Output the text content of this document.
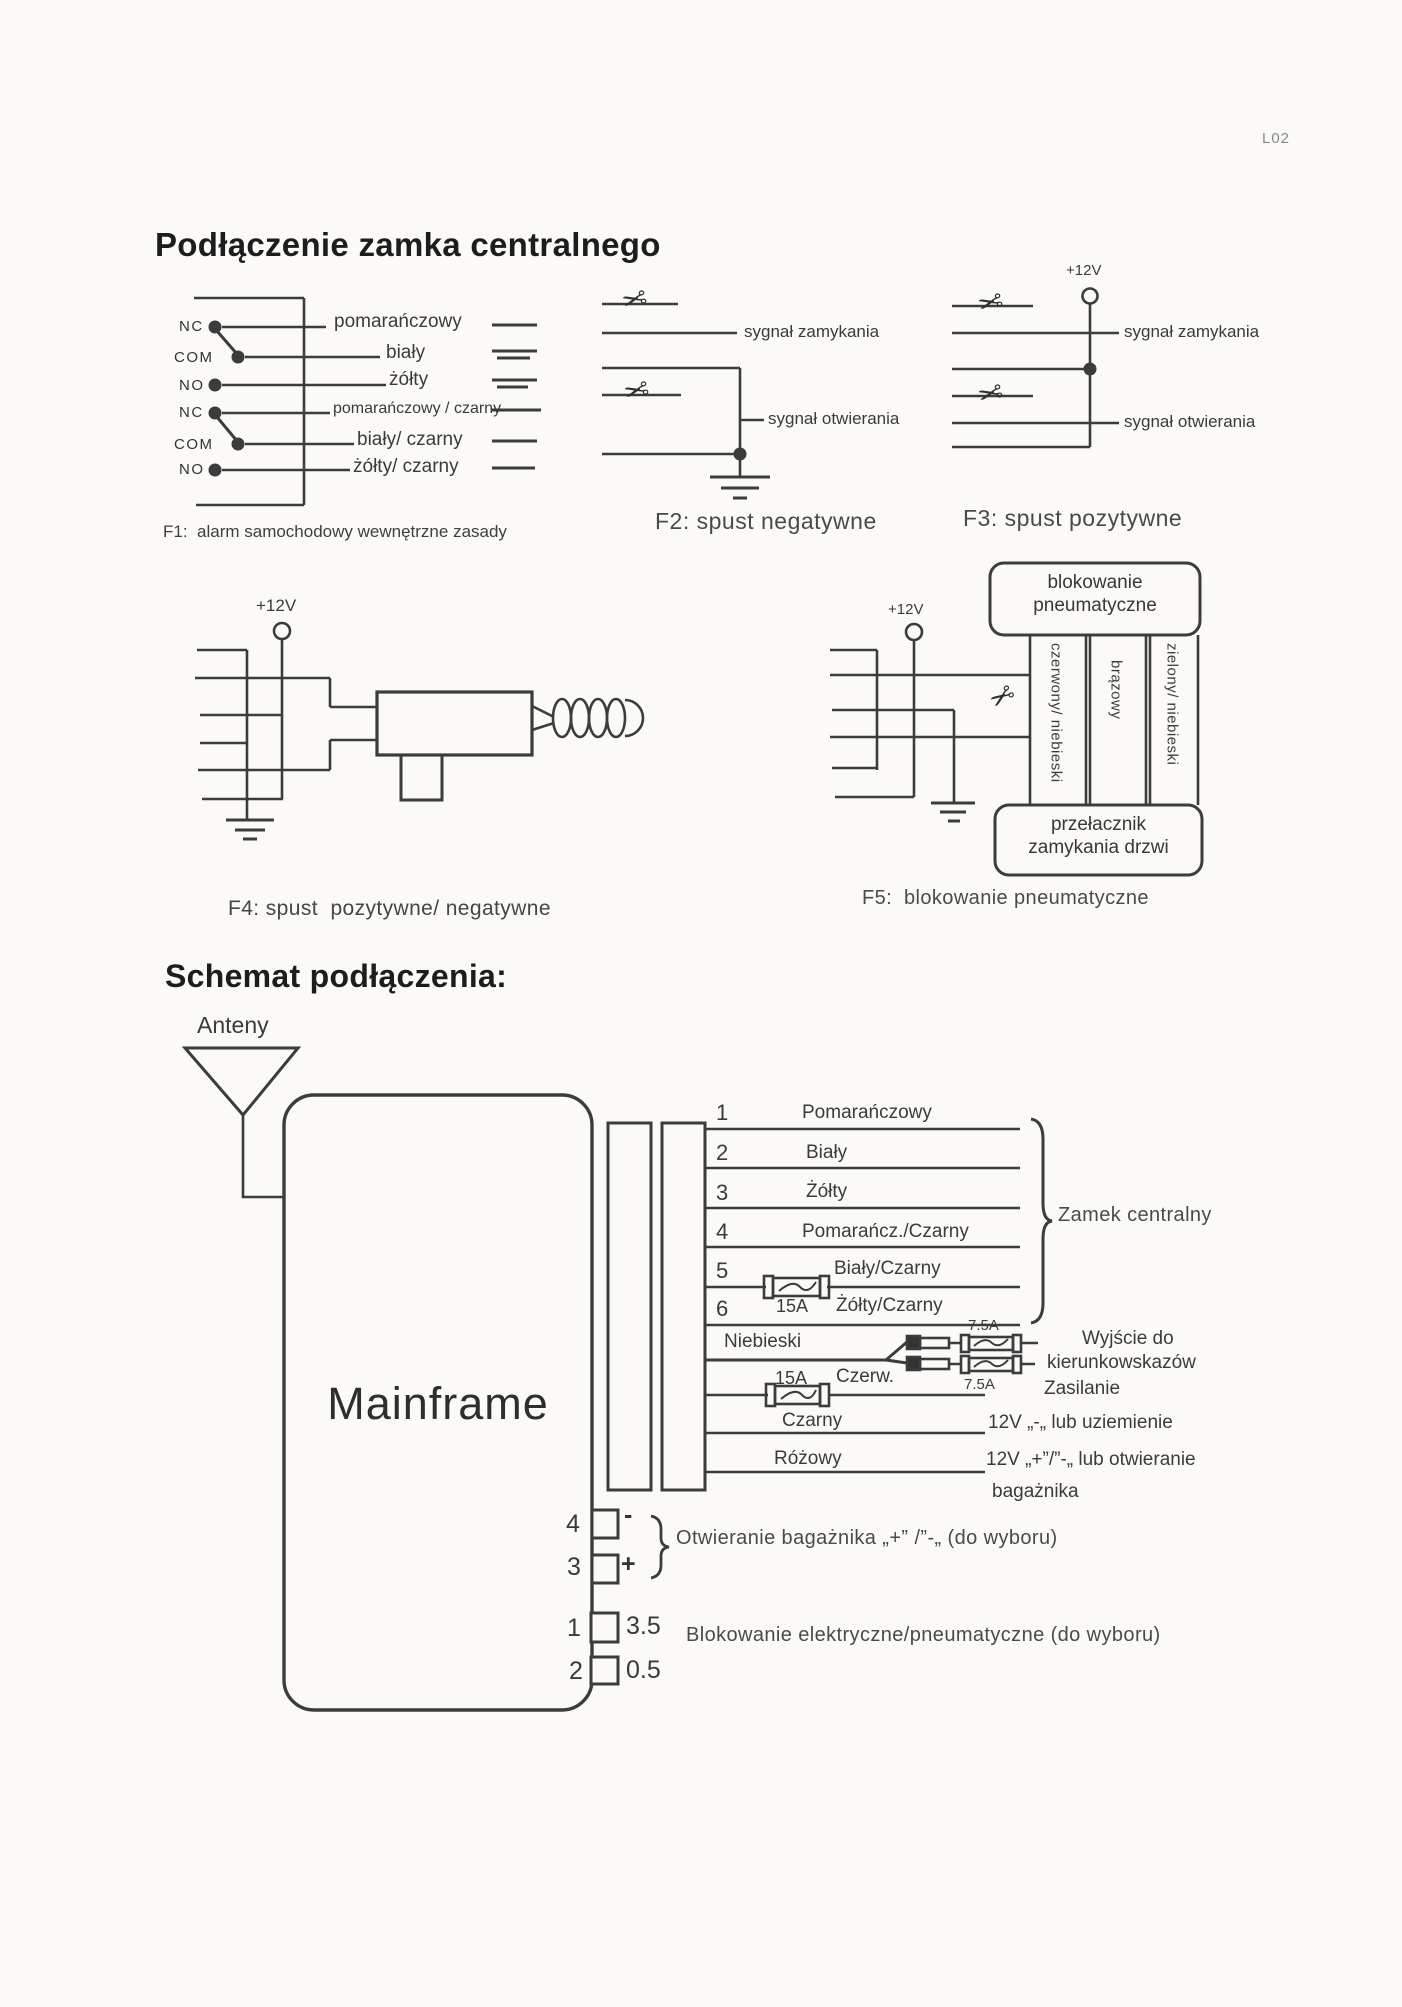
L02
Podłączenie zamka centralnego
NC
COM
NO
NC
COM
NO
pomarańczowy
biały
żółty
pomarańczowy / czarny
biały/ czarny
żółty/ czarny
F1:  alarm samochodowy wewnętrzne zasady
✂
✂
sygnał zamykania
sygnał otwierania
F2: spust negatywne
✂
✂
+12V
sygnał zamykania
sygnał otwierania
F3: spust pozytywne
+12V
F4: spust  pozytywne/ negatywne
+12V
blokowanie
pneumatyczne
✂ czerwony/ niebieski	brązowy	zielony/ niebieski
przełacznik
zamykania drzwi
F5:  blokowanie pneumatyczne
Schemat podłączenia:
Anteny
Mainframe
1	Pomarańczowy
2	Biały
3	Żółty
4	Pomarańcz./Czarny
5	Biały/Czarny
6	15A Żółty/Czarny
Zamek centralny
Niebieski
7.5A
7.5A
Wyjście do
kierunkowskazów
Zasilanie
15A Czerw.
Czarny	12V „-„ lub uziemienie
Różowy	12V „+”/”-„ lub otwieranie
bagażnika
4 -
3 +
Otwieranie bagażnika „+” /”-„ (do wyboru)
1 3.5
2 0.5
Blokowanie elektryczne/pneumatyczne (do wyboru)
